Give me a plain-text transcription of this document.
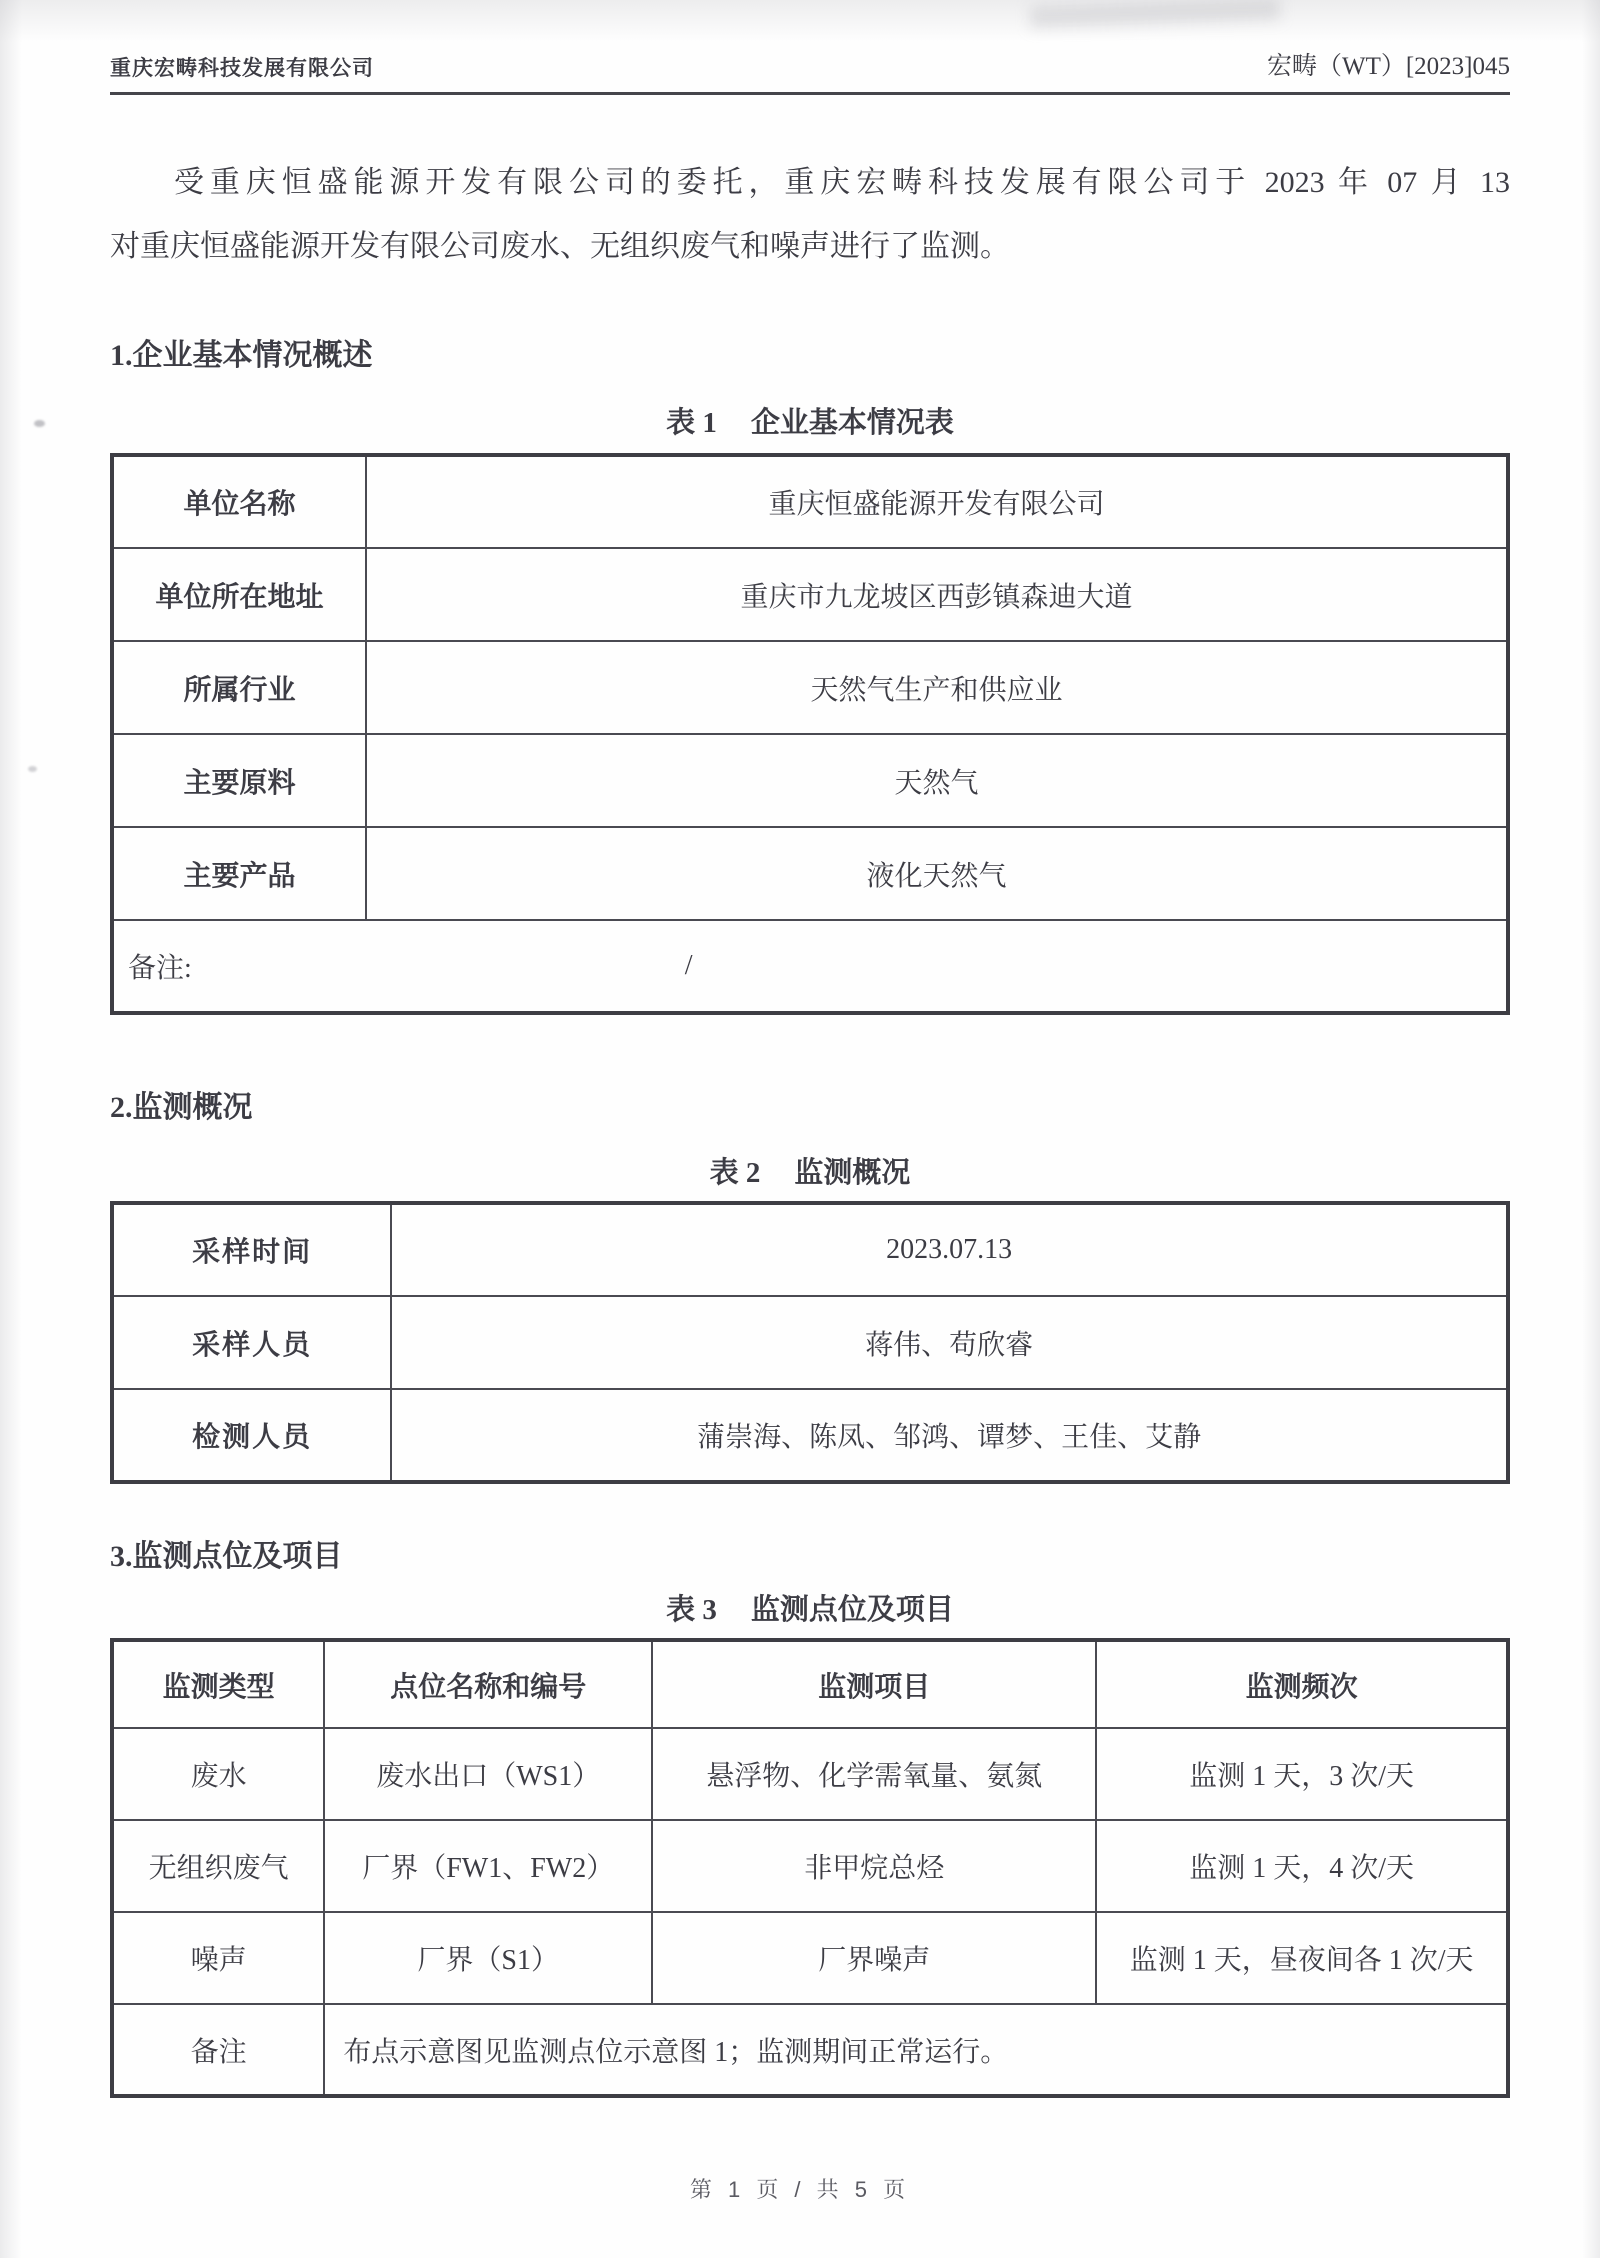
重庆宏畴科技发展有限公司	宏畴（WT）[2023]045

受重庆恒盛能源开发有限公司的委托，重庆宏畴科技发展有限公司于 2023 年 07 月 13

对重庆恒盛能源开发有限公司废水、无组织废气和噪声进行了监测。

1.企业基本情况概述
表 1 企业基本情况表
单位名称	重庆恒盛能源开发有限公司
单位所在地址	重庆市九龙坡区西彭镇森迪大道
所属行业	天然气生产和供应业
主要原料	天然气
主要产品	液化天然气
备注: /	
2.监测概况
表 2 监测概况
采样时间	2023.07.13
采样人员	蒋伟、苟欣睿
检测人员	蒲崇海、陈凤、邹鸿、谭梦、王佳、艾静
3.监测点位及项目
表 3 监测点位及项目
监测类型	点位名称和编号	监测项目	监测频次
废水	废水出口（WS1）	悬浮物、化学需氧量、氨氮	监测 1 天，3 次/天
无组织废气	厂界（FW1、FW2）	非甲烷总烃	监测 1 天，4 次/天
噪声	厂界（S1）	厂界噪声	监测 1 天，昼夜间各 1 次/天
备注	布点示意图见监测点位示意图 1；监测期间正常运行。		
第 1 页 / 共 5 页
